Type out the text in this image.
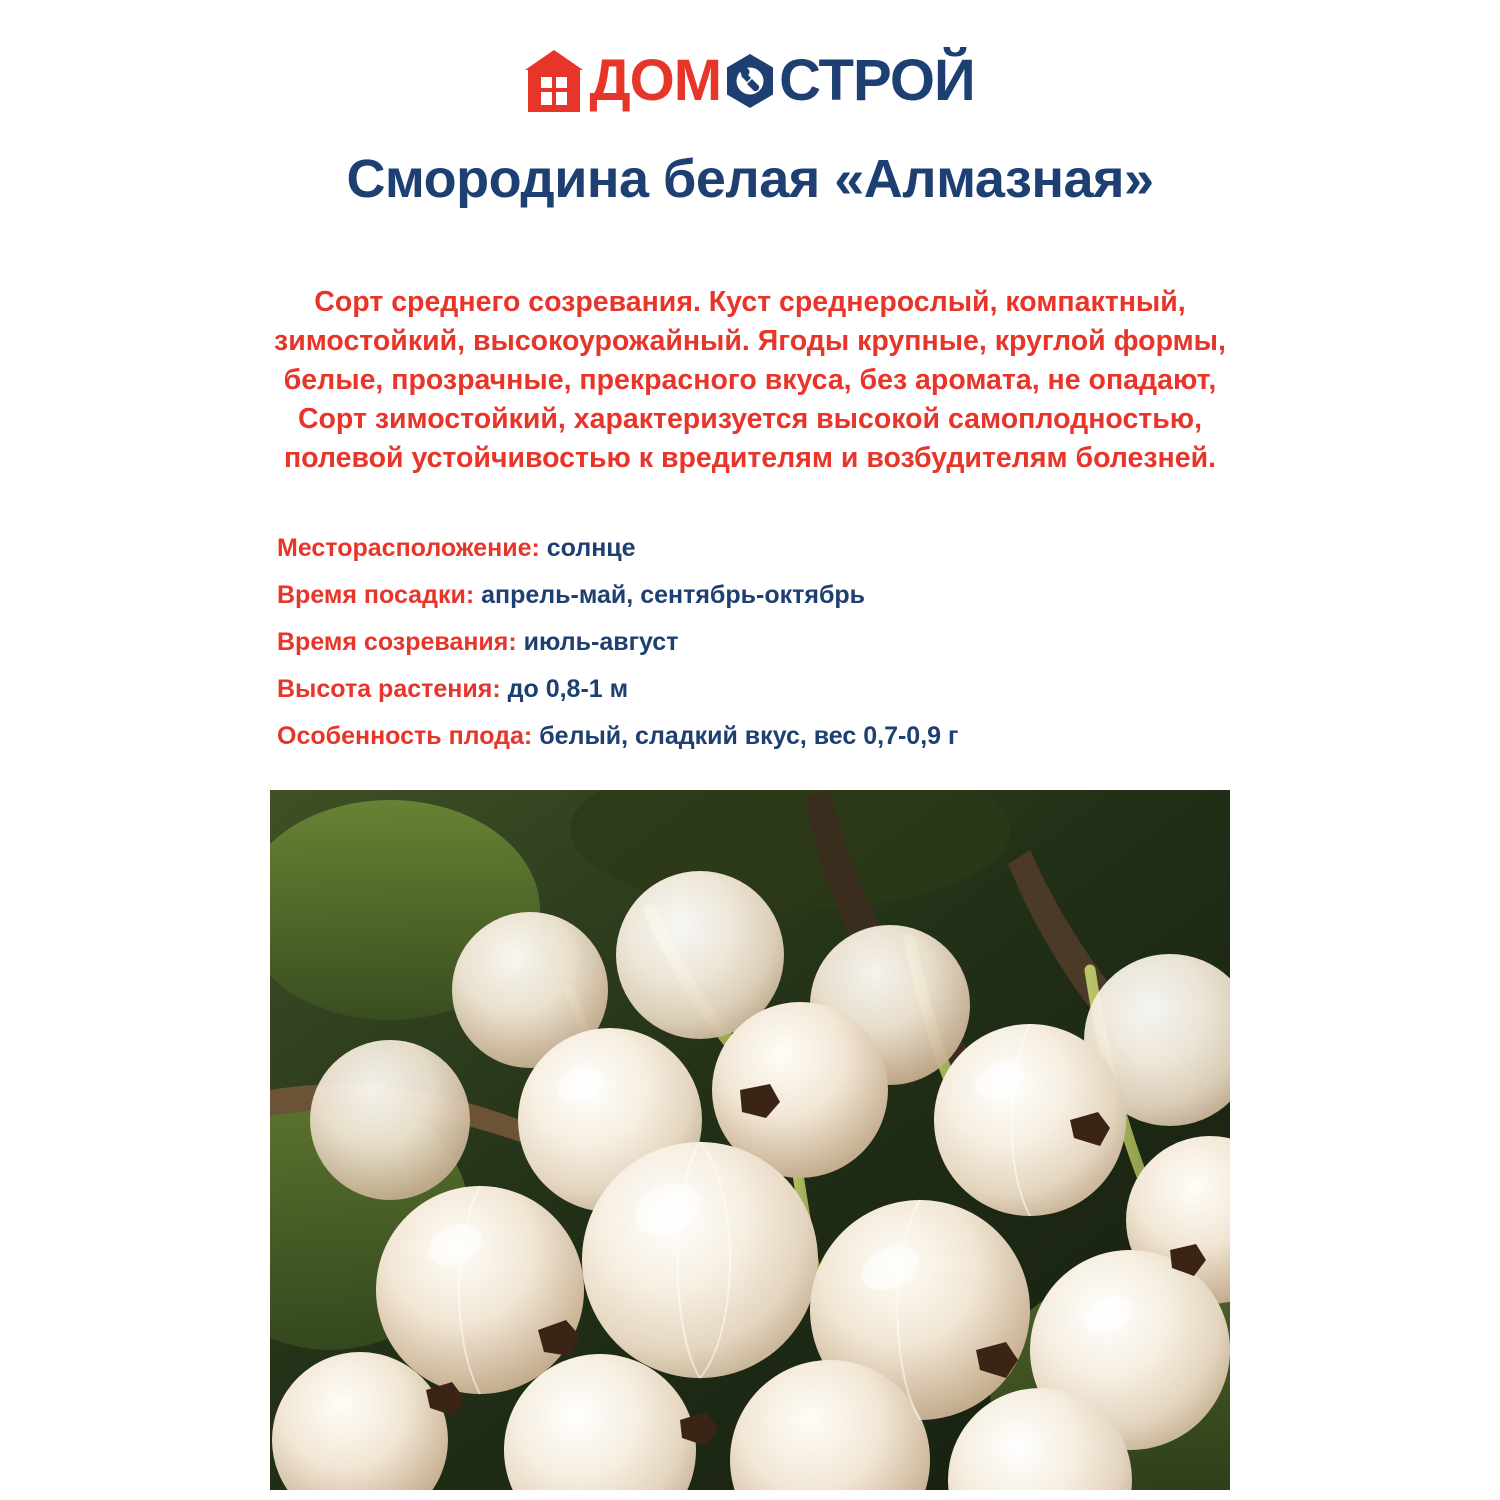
ДОМ СТРОЙ
Смородина белая «Алмазная»
Сорт среднего созревания. Куст среднерослый, компактный, зимостойкий, высокоурожайный. Ягоды крупные, круглой формы, белые, прозрачные, прекрасного вкуса, без аромата, не опадают, Сорт зимостойкий, характеризуется высокой самоплодностью, полевой устойчивостью к вредителям и возбудителям болезней.
Месторасположение: солнце
Время посадки: апрель-май, сентябрь-октябрь
Время созревания: июль-август
Высота растения: до 0,8-1 м
Особенность плода: белый, сладкий вкус, вес 0,7-0,9 г
